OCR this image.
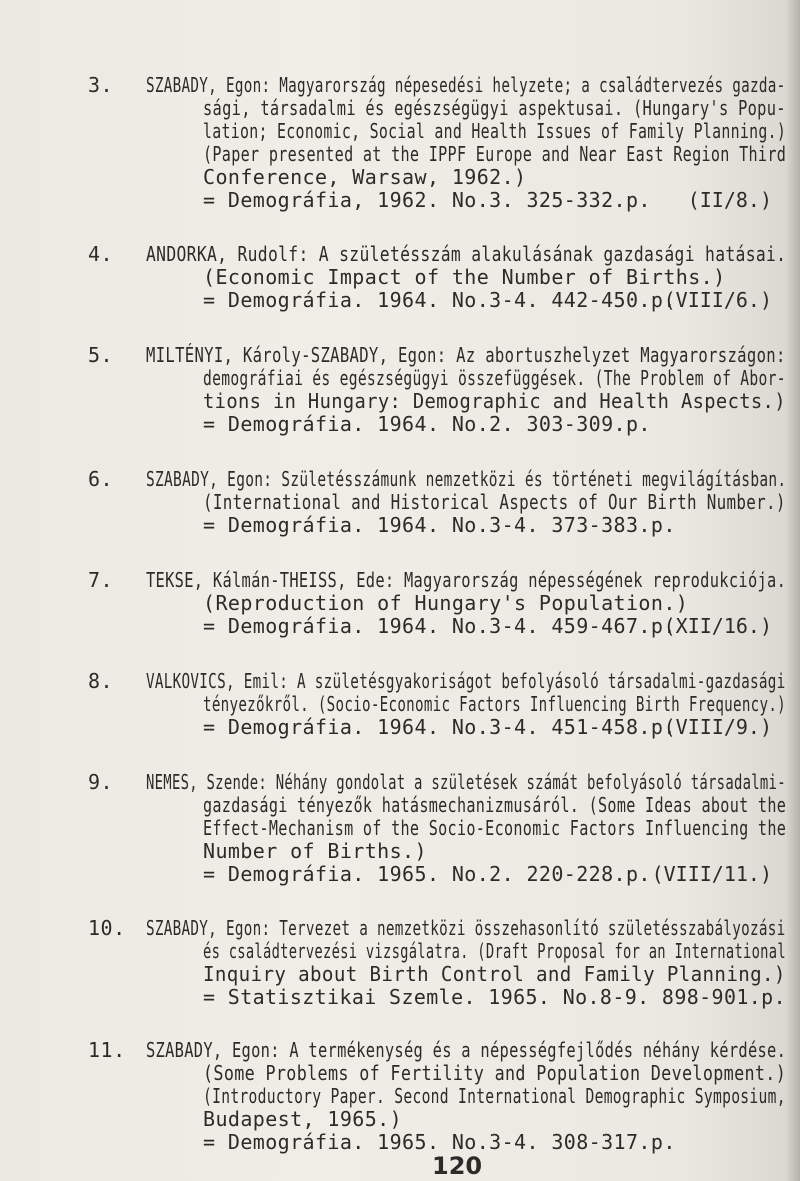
3. SZABADY, Egon: Magyarország népesedési helyzete; a családtervezés gazda-
sági, társadalmi és egészségügyi aspektusai. (Hungary's Popu-
lation; Economic, Social and Health Issues of Family Planning.)
(Paper presented at the IPPF Europe and Near East Region Third
Conference, Warsaw, 1962.)
= Demográfia, 1962. No.3. 325-332.p. (II/8.)
4. ANDORKA, Rudolf: A születésszám alakulásának gazdasági hatásai.
(Economic Impact of the Number of Births.)
= Demográfia. 1964. No.3-4. 442-450.p.
(VIII/6.)
5. MILTÉNYI, Károly-SZABADY, Egon: Az abortuszhelyzet Magyarországon:
demográfiai és egészségügyi összefüggések. (The Problem of Abor-
tions in Hungary: Demographic and Health Aspects.)
= Demográfia. 1964. No.2. 303-309.p.
6. SZABADY, Egon: Születésszámunk nemzetközi és történeti megvilágításban.
(International and Historical Aspects of Our Birth Number.)
= Demográfia. 1964. No.3-4. 373-383.p.
7. TEKSE, Kálmán-THEISS, Ede: Magyarország népességének reprodukciója.
(Reproduction of Hungary's Population.)
= Demográfia. 1964. No.3-4. 459-467.p.
(XII/16.)
8. VALKOVICS, Emil: A születésgyakoriságot befolyásoló társadalmi-gazdasági
tényezőkről. (Socio-Economic Factors Influencing Birth Frequency.)
= Demográfia. 1964. No.3-4. 451-458.p.
(VIII/9.)
9. NEMES, Szende: Néhány gondolat a születések számát befolyásoló társadalmi-
gazdasági tényezők hatásmechanizmusáról. (Some Ideas about the
Effect-Mechanism of the Socio-Economic Factors Influencing the
Number of Births.)
= Demográfia. 1965. No.2. 220-228.p. (VIII/11.)
10. SZABADY, Egon: Tervezet a nemzetközi összehasonlító születésszabályozási
és családtervezési vizsgálatra. (Draft Proposal for an International
Inquiry about Birth Control and Family Planning.)
= Statisztikai Szemle. 1965. No.8-9. 898-901.p.
11. SZABADY, Egon: A termékenység és a népességfejlődés néhány kérdése.
(Some Problems of Fertility and Population Development.)
(Introductory Paper. Second International Demographic Symposium,
Budapest, 1965.)
= Demográfia. 1965. No.3-4. 308-317.p.
120
